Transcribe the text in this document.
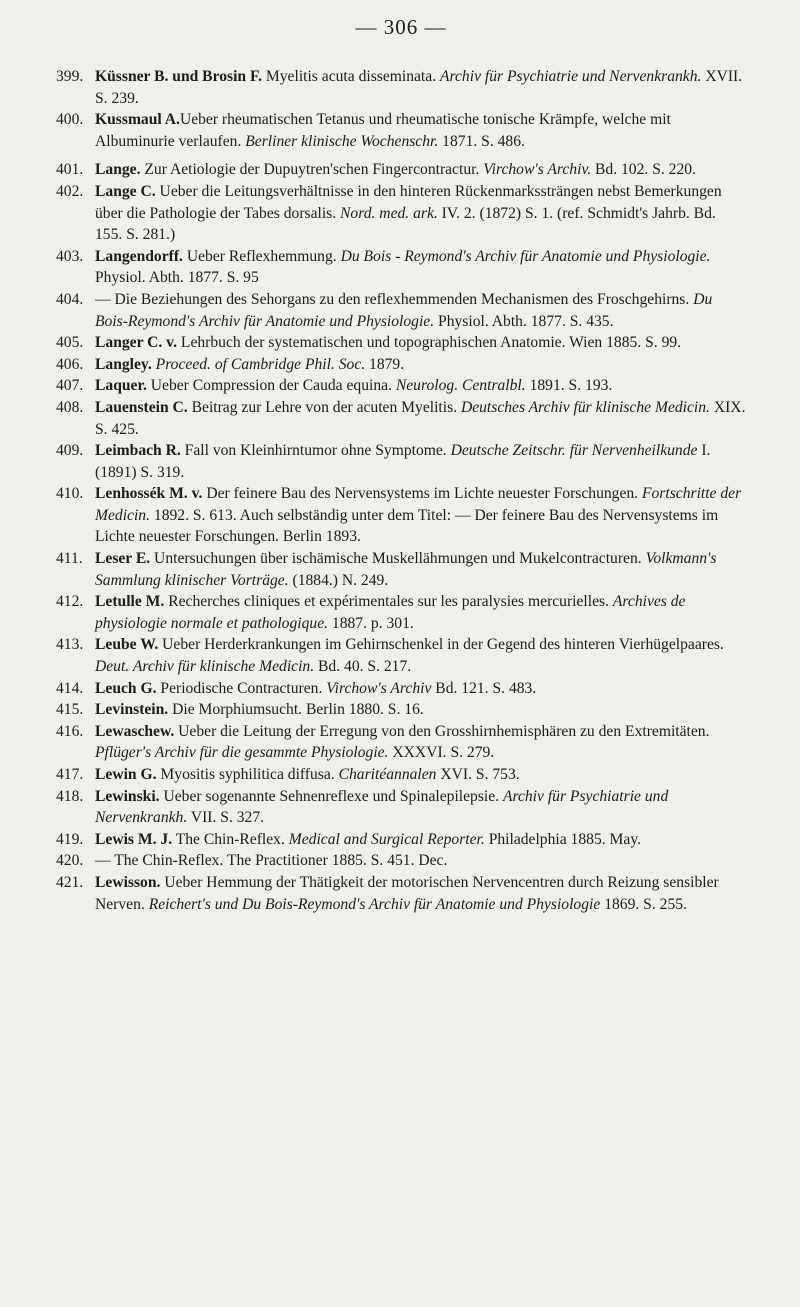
— 306 —
399. Küssner B. und Brosin F. Myelitis acuta disseminata. Archiv für Psychiatrie und Nervenkrankh. XVII. S. 239.
400. Kussmaul A.Ueber rheumatischen Tetanus und rheumatische tonische Krämpfe, welche mit Albuminurie verlaufen. Berliner klinische Wochenschr. 1871. S. 486.
401. Lange. Zur Aetiologie der Dupuytren'schen Fingercontractur. Virchow's Archiv. Bd. 102. S. 220.
402. Lange C. Ueber die Leitungsverhältnisse in den hinteren Rückenmarkssträngen nebst Bemerkungen über die Pathologie der Tabes dorsalis. Nord. med. ark. IV. 2. (1872) S. 1. (ref. Schmidt's Jahrb. Bd. 155. S. 281.)
403. Langendorff. Ueber Reflexhemmung. Du Bois - Reymond's Archiv für Anatomie und Physiologie. Physiol. Abth. 1877. S. 95
404. — Die Beziehungen des Sehorgans zu den reflexhemmenden Mechanismen des Froschgehirns. Du Bois-Reymond's Archiv für Anatomie und Physiologie. Physiol. Abth. 1877. S. 435.
405. Langer C. v. Lehrbuch der systematischen und topographischen Anatomie. Wien 1885. S. 99.
406. Langley. Proceed. of Cambridge Phil. Soc. 1879.
407. Laquer. Ueber Compression der Cauda equina. Neurolog. Centralbl. 1891. S. 193.
408. Lauenstein C. Beitrag zur Lehre von der acuten Myelitis. Deutsches Archiv für klinische Medicin. XIX. S. 425.
409. Leimbach R. Fall von Kleinhirntumor ohne Symptome. Deutsche Zeitschr. für Nervenheilkunde I. (1891) S. 319.
410. Lenhossék M. v. Der feinere Bau des Nervensystems im Lichte neuester Forschungen. Fortschritte der Medicin. 1892. S. 613. Auch selbständig unter dem Titel: — Der feinere Bau des Nervensystems im Lichte neuester Forschungen. Berlin 1893.
411. Leser E. Untersuchungen über ischämische Muskellähmungen und Mukelcontracturen. Volkmann's Sammlung klinischer Vorträge. (1884.) N. 249.
412. Letulle M. Recherches cliniques et expérimentales sur les paralysies mercurielles. Archives de physiologie normale et pathologique. 1887. p. 301.
413. Leube W. Ueber Herderkrankungen im Gehirnschenkel in der Gegend des hinteren Vierhügelpaares. Deut. Archiv für klinische Medicin. Bd. 40. S. 217.
414. Leuch G. Periodische Contracturen. Virchow's Archiv Bd. 121. S. 483.
415. Levinstein. Die Morphiumsucht. Berlin 1880. S. 16.
416. Lewaschew. Ueber die Leitung der Erregung von den Grosshirnhemisphären zu den Extremitäten. Pflüger's Archiv für die gesammte Physiologie. XXXVI. S. 279.
417. Lewin G. Myositis syphilitica diffusa. Charitéannalen XVI. S. 753.
418. Lewinski. Ueber sogenannte Sehnenreflexe und Spinalepilepsie. Archiv für Psychiatrie und Nervenkrankh. VII. S. 327.
419. Lewis M. J. The Chin-Reflex. Medical and Surgical Reporter. Philadelphia 1885. May.
420. — The Chin-Reflex. The Practitioner 1885. S. 451. Dec.
421. Lewisson. Ueber Hemmung der Thätigkeit der motorischen Nervencentren durch Reizung sensibler Nerven. Reichert's und Du Bois-Reymond's Archiv für Anatomie und Physiologie 1869. S. 255.
